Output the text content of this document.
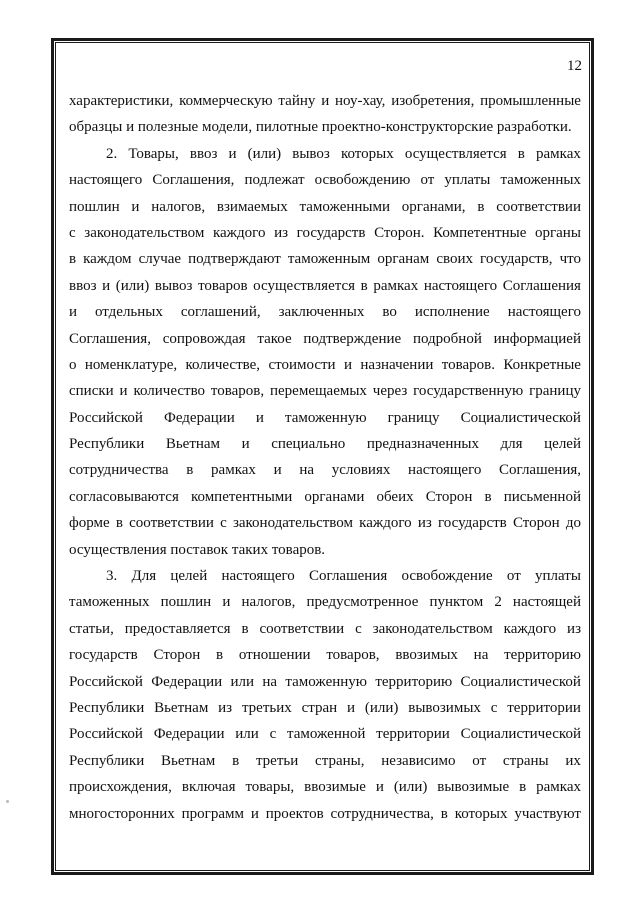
12
характеристики, коммерческую тайну и ноу-хау, изобретения, промышленные
образцы и полезные модели, пилотные проектно-конструкторские разработки.
2. Товары, ввоз и (или) вывоз которых осуществляется в рамках
настоящего Соглашения, подлежат освобождению от уплаты таможенных
пошлин и налогов, взимаемых таможенными органами, в соответствии
с законодательством каждого из государств Сторон. Компетентные органы
в каждом случае подтверждают таможенным органам своих государств, что
ввоз и (или) вывоз товаров осуществляется в рамках настоящего Соглашения
и отдельных соглашений, заключенных во исполнение настоящего
Соглашения, сопровождая такое подтверждение подробной информацией
о номенклатуре, количестве, стоимости и назначении товаров. Конкретные
списки и количество товаров, перемещаемых через государственную границу
Российской Федерации и таможенную границу Социалистической
Республики Вьетнам и специально предназначенных для целей
сотрудничества в рамках и на условиях настоящего Соглашения,
согласовываются компетентными органами обеих Сторон в письменной
форме в соответствии с законодательством каждого из государств Сторон до
осуществления поставок таких товаров.
3. Для целей настоящего Соглашения освобождение от уплаты
таможенных пошлин и налогов, предусмотренное пунктом 2 настоящей
статьи, предоставляется в соответствии с законодательством каждого из
государств Сторон в отношении товаров, ввозимых на территорию
Российской Федерации или на таможенную территорию Социалистической
Республики Вьетнам из третьих стран и (или) вывозимых с территории
Российской Федерации или с таможенной территории Социалистической
Республики Вьетнам в третьи страны, независимо от страны их
происхождения, включая товары, ввозимые и (или) вывозимые в рамках
многосторонних программ и проектов сотрудничества, в которых участвуют
